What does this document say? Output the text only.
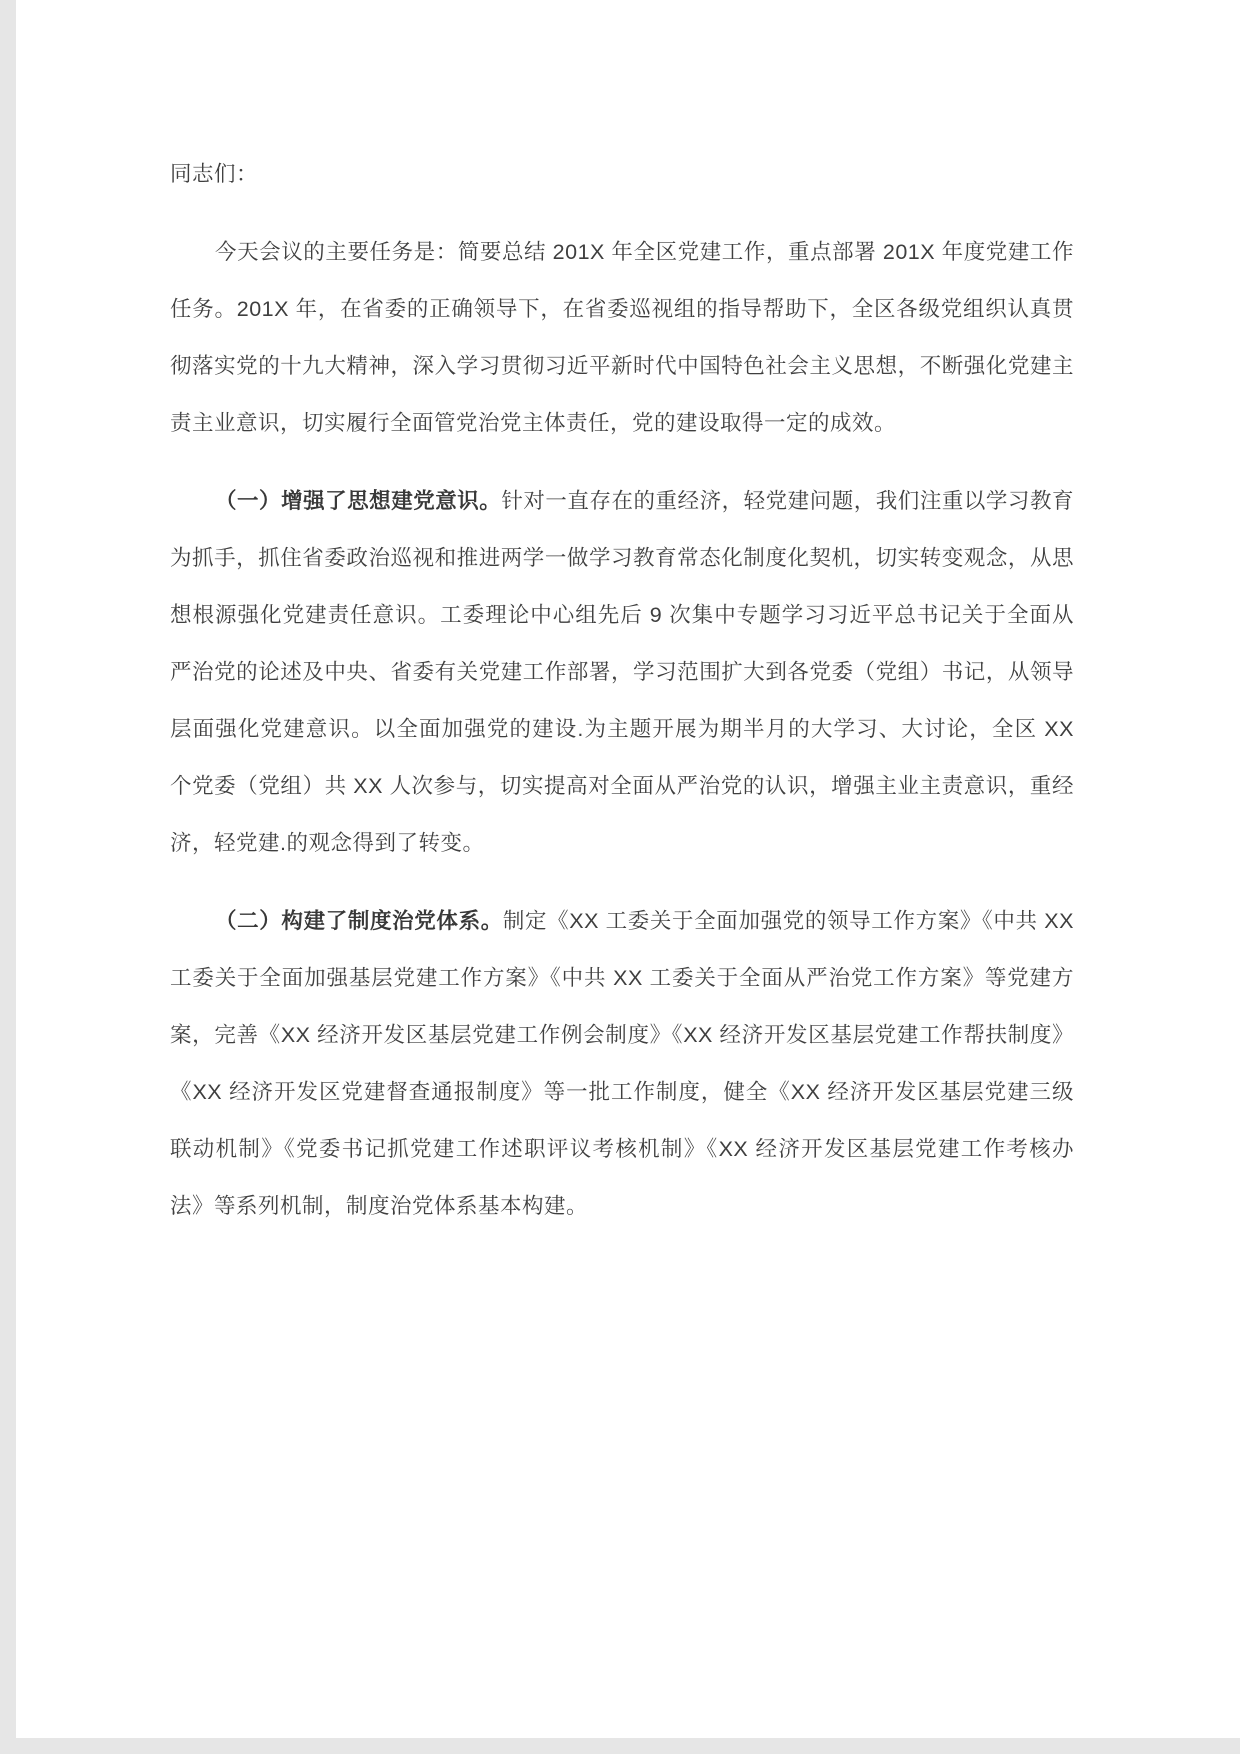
同志们：

今天会议的主要任务是：简要总结 201X 年全区党建工作，重点部署 201X 年度党建工作任务。201X 年，在省委的正确领导下，在省委巡视组的指导帮助下，全区各级党组织认真贯彻落实党的十九大精神，深入学习贯彻习近平新时代中国特色社会主义思想，不断强化党建主责主业意识，切实履行全面管党治党主体责任，党的建设取得一定的成效。

（一）增强了思想建党意识。针对一直存在的重经济，轻党建问题，我们注重以学习教育为抓手，抓住省委政治巡视和推进两学一做学习教育常态化制度化契机，切实转变观念，从思想根源强化党建责任意识。工委理论中心组先后 9 次集中专题学习习近平总书记关于全面从严治党的论述及中央、省委有关党建工作部署，学习范围扩大到各党委（党组）书记，从领导层面强化党建意识。以全面加强党的建设.为主题开展为期半月的大学习、大讨论，全区 XX 个党委（党组）共 XX 人次参与，切实提高对全面从严治党的认识，增强主业主责意识，重经济，轻党建.的观念得到了转变。

（二）构建了制度治党体系。制定《XX 工委关于全面加强党的领导工作方案》《中共 XX 工委关于全面加强基层党建工作方案》《中共 XX 工委关于全面从严治党工作方案》等党建方案，完善《XX 经济开发区基层党建工作例会制度》《XX 经济开发区基层党建工作帮扶制度》《XX 经济开发区党建督查通报制度》等一批工作制度，健全《XX 经济开发区基层党建三级联动机制》《党委书记抓党建工作述职评议考核机制》《XX 经济开发区基层党建工作考核办法》等系列机制，制度治党体系基本构建。
